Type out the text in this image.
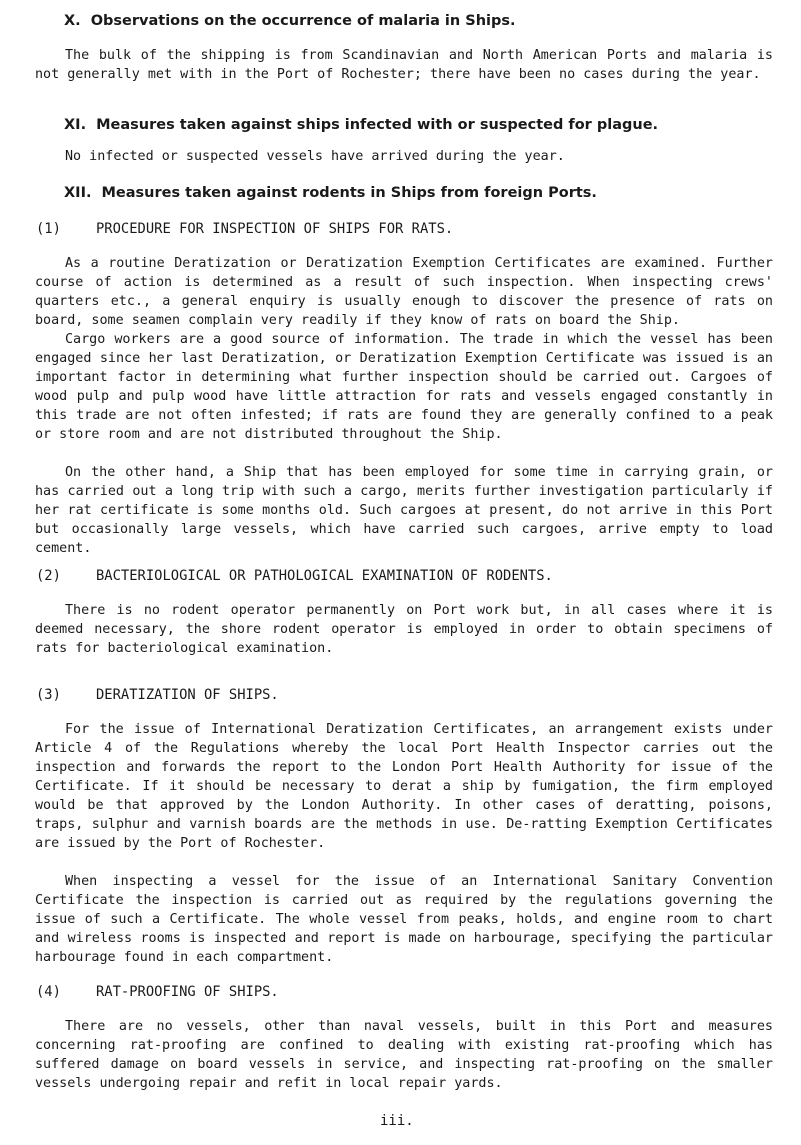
X. Observations on the occurrence of malaria in Ships.

The bulk of the shipping is from Scandinavian and North American Ports and malaria is not generally met with in the Port of Rochester; there have been no cases during the year.

XI. Measures taken against ships infected with or suspected for plague.
No infected or suspected vessels have arrived during the year.
XII. Measures taken against rodents in Ships from foreign Ports.
(1)	PROCEDURE FOR INSPECTION OF SHIPS FOR RATS.

As a routine Deratization or Deratization Exemption Certificates are examined. Further course of action is determined as a result of such inspection. When inspecting crews' quarters etc., a general enquiry is usually enough to discover the presence of rats on board, some seamen complain very readily if they know of rats on board the Ship.

Cargo workers are a good source of information. The trade in which the vessel has been engaged since her last Deratization, or Deratization Exemption Certificate was issued is an important factor in determining what further inspection should be carried out. Cargoes of wood pulp and pulp wood have little attraction for rats and vessels engaged constantly in this trade are not often infested; if rats are found they are generally confined to a peak or store room and are not distributed throughout the Ship.

On the other hand, a Ship that has been employed for some time in carrying grain, or has carried out a long trip with such a cargo, merits further investigation particularly if her rat certificate is some months old. Such cargoes at present, do not arrive in this Port but occasionally large vessels, which have carried such cargoes, arrive empty to load cement.

(2)	BACTERIOLOGICAL OR PATHOLOGICAL EXAMINATION OF RODENTS.

There is no rodent operator permanently on Port work but, in all cases where it is deemed necessary, the shore rodent operator is employed in order to obtain specimens of rats for bacteriological examination.

(3)	DERATIZATION OF SHIPS.

For the issue of International Deratization Certificates, an arrangement exists under Article 4 of the Regulations whereby the local Port Health Inspector carries out the inspection and forwards the report to the London Port Health Authority for issue of the Certificate. If it should be necessary to derat a ship by fumigation, the firm employed would be that approved by the London Authority. In other cases of deratting, poisons, traps, sulphur and varnish boards are the methods in use. De-ratting Exemption Certificates are issued by the Port of Rochester.

When inspecting a vessel for the issue of an International Sanitary Convention Certificate the inspection is carried out as required by the regulations governing the issue of such a Certificate. The whole vessel from peaks, holds, and engine room to chart and wireless rooms is inspected and report is made on harbourage, specifying the particular harbourage found in each compartment.

(4)	RAT-PROOFING OF SHIPS.

There are no vessels, other than naval vessels, built in this Port and measures concerning rat-proofing are confined to dealing with existing rat-proofing which has suffered damage on board vessels in service, and inspecting rat-proofing on the smaller vessels undergoing repair and refit in local repair yards.

iii.
